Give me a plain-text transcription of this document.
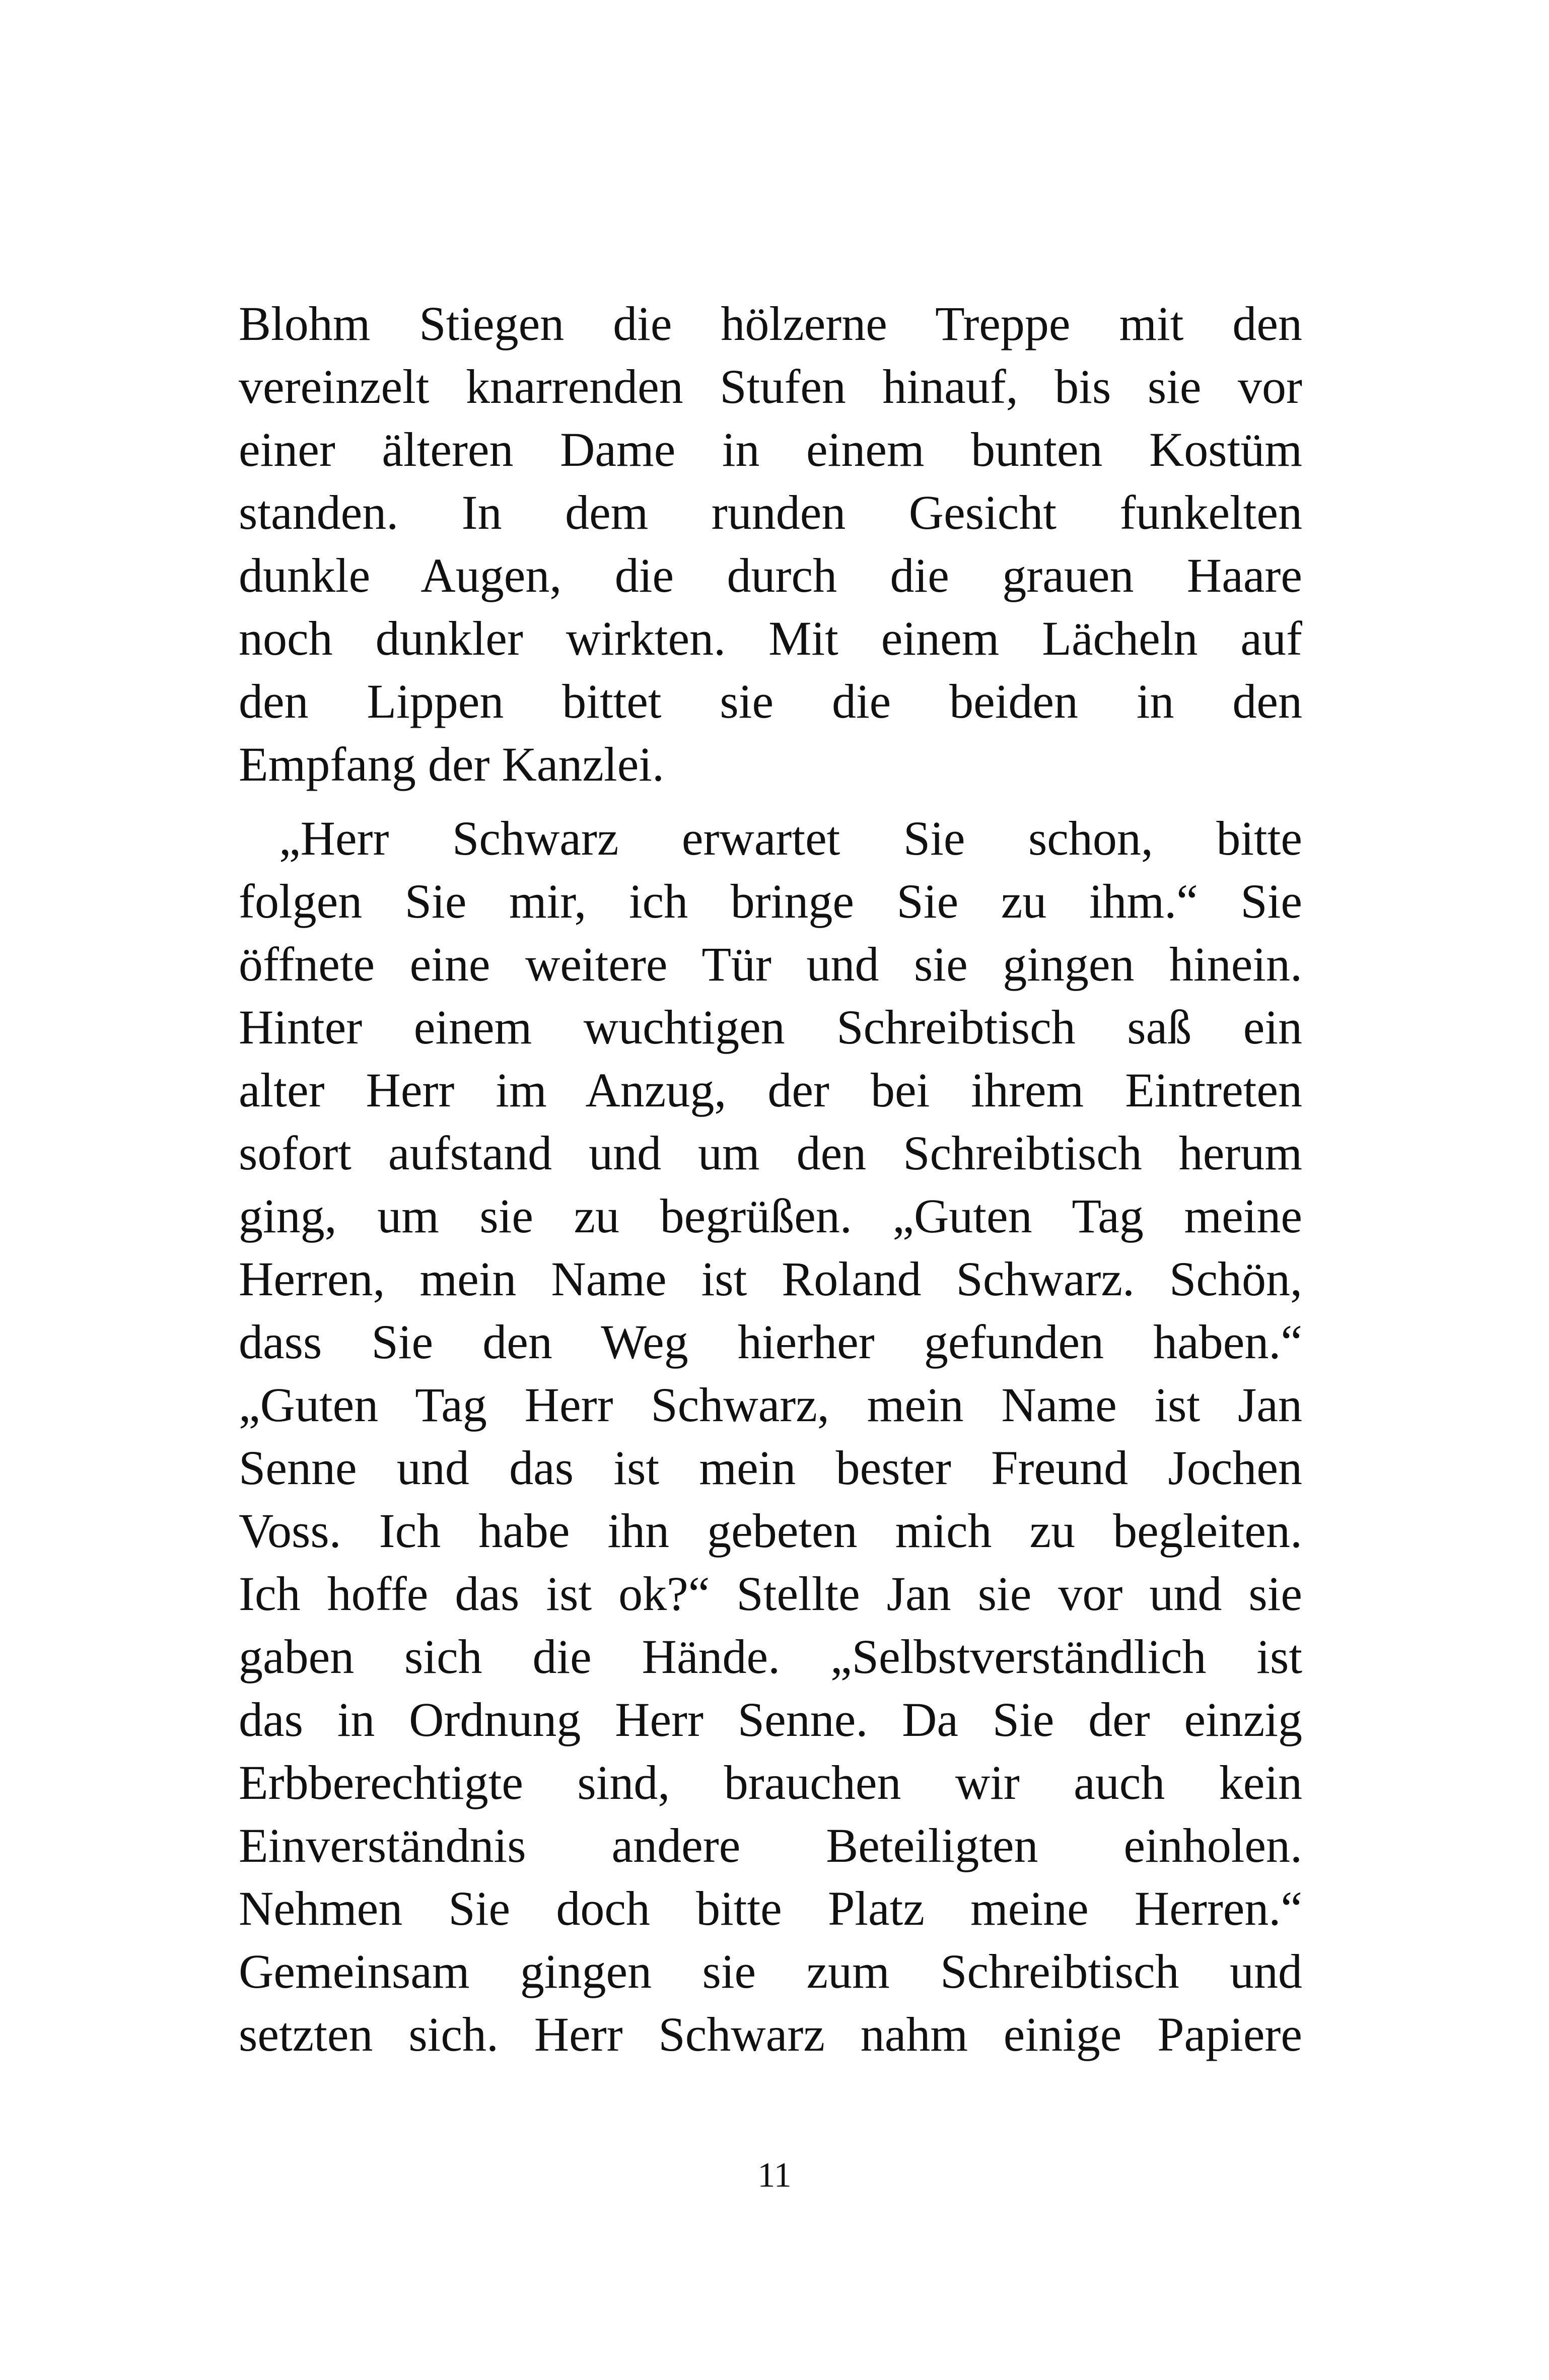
Blohm Stiegen die hölzerne Treppe mit den
vereinzelt knarrenden Stufen hinauf, bis sie vor
einer älteren Dame in einem bunten Kostüm
standen. In dem runden Gesicht funkelten
dunkle Augen, die durch die grauen Haare
noch dunkler wirkten. Mit einem Lächeln auf
den Lippen bittet sie die beiden in den
Empfang der Kanzlei.
„Herr Schwarz erwartet Sie schon, bitte
folgen Sie mir, ich bringe Sie zu ihm.“ Sie
öffnete eine weitere Tür und sie gingen hinein.
Hinter einem wuchtigen Schreibtisch saß ein
alter Herr im Anzug, der bei ihrem Eintreten
sofort aufstand und um den Schreibtisch herum
ging, um sie zu begrüßen. „Guten Tag meine
Herren, mein Name ist Roland Schwarz. Schön,
dass Sie den Weg hierher gefunden haben.“
„Guten Tag Herr Schwarz, mein Name ist Jan
Senne und das ist mein bester Freund Jochen
Voss. Ich habe ihn gebeten mich zu begleiten.
Ich hoffe das ist ok?“ Stellte Jan sie vor und sie
gaben sich die Hände. „Selbstverständlich ist
das in Ordnung Herr Senne. Da Sie der einzig
Erbberechtigte sind, brauchen wir auch kein
Einverständnis andere Beteiligten einholen.
Nehmen Sie doch bitte Platz meine Herren.“
Gemeinsam gingen sie zum Schreibtisch und
setzten sich. Herr Schwarz nahm einige Papiere
11
